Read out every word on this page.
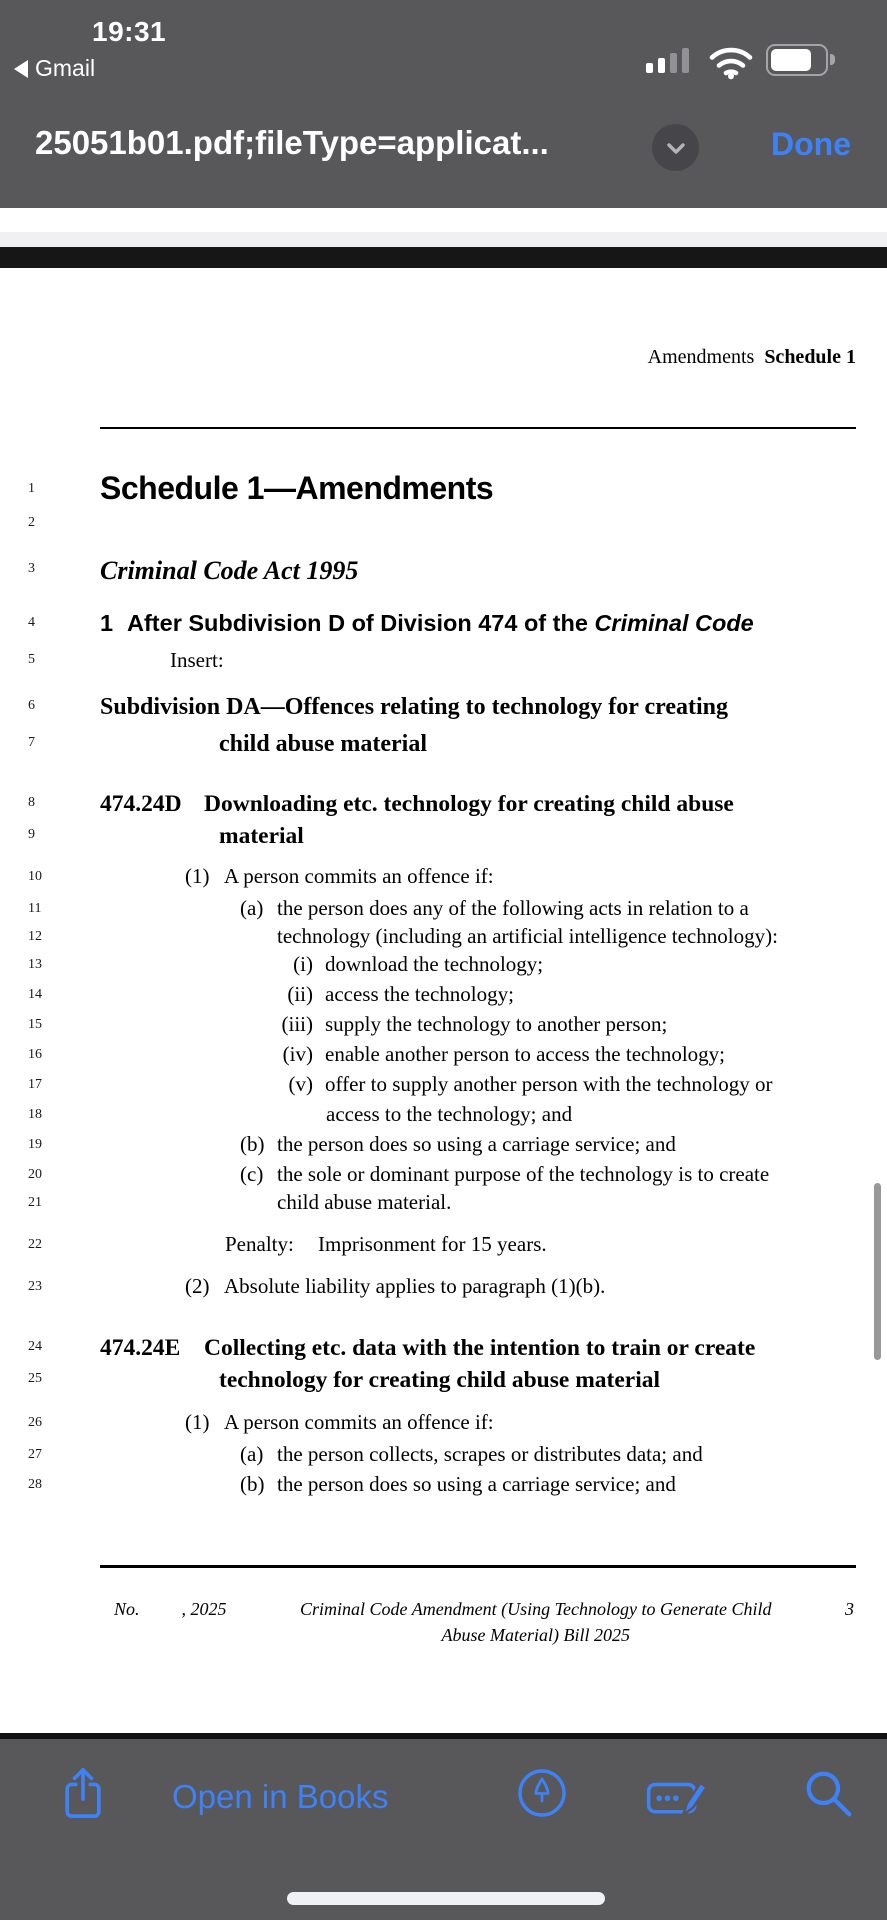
19:31
Gmail
25051b01.pdf;fileType=applicat...	Done
Amendments Schedule 1
1 Schedule 1—Amendments
2
3	Criminal Code Act 1995
4	1 After Subdivision D of Division 474 of the Criminal Code
5	Insert:
6	Subdivision DA—Offences relating to technology for creating
7	child abuse material
8	474.24D Downloading etc. technology for creating child abuse
9	material
10	(1) A person commits an offence if:
11	(a) the person does any of the following acts in relation to a
12	technology (including an artificial intelligence technology):
13	(i) download the technology;
14	(ii) access the technology;
15	(iii) supply the technology to another person;
16	(iv) enable another person to access the technology;
17	(v) offer to supply another person with the technology or
18	access to the technology; and
19	(b) the person does so using a carriage service; and
20	(c) the sole or dominant purpose of the technology is to create
21	child abuse material.
22	Penalty: Imprisonment for 15 years.
23	(2) Absolute liability applies to paragraph (1)(b).
24 474.24E Collecting etc. data with the intention to train or create
25	technology for creating child abuse material
26	(1) A person commits an offence if:
27	(a) the person collects, scrapes or distributes data; and
28	(b) the person does so using a carriage service; and
No. , 2025	Criminal Code Amendment (Using Technology to Generate Child
Abuse Material) Bill 2025
3
Open in Books
